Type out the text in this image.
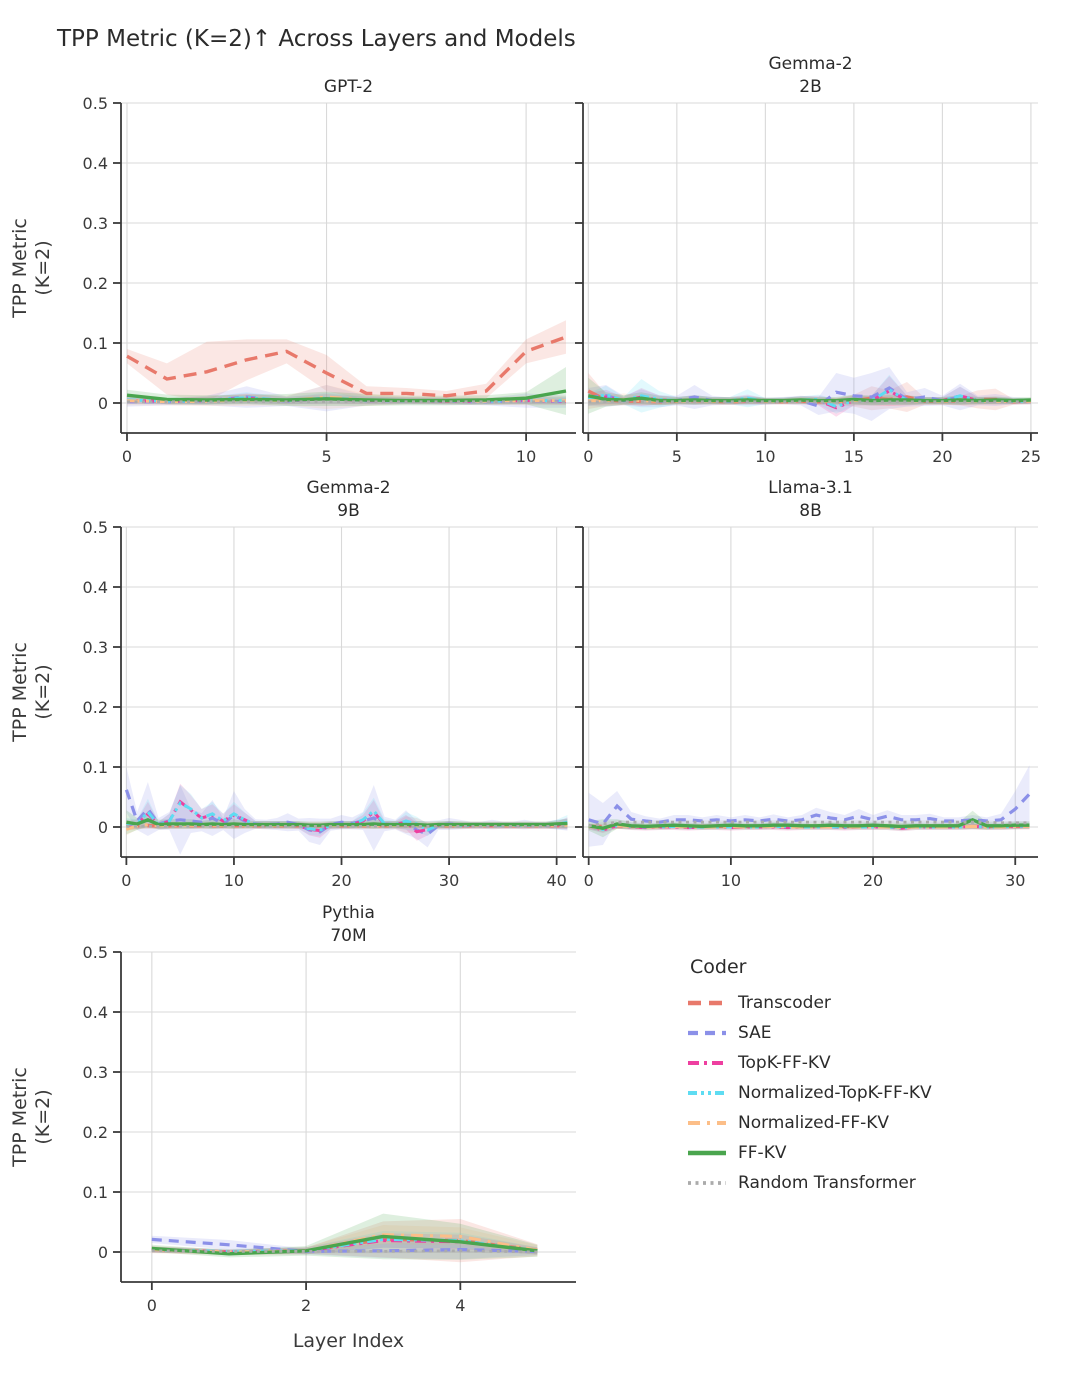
TPP Metric (K=2)↑ Across Layers and Models
TPP Metric
(K=2)
TPP Metric
(K=2)
TPP Metric
(K=2)
0
0.1
0.2
0.3
0.4
0.5
0	5	10
GPT-2
0	5	10	15	20	25
Gemma-2
2B
0
0.1
0.2
0.3
0.4
0.5
0	10	20	30	40
Gemma-2
9B
0	10	20	30
Llama-3.1
8B
0
0.1
0.2
0.3
0.4
0.5
0	2	4
Pythia
70M
Layer Index
Coder
Transcoder
SAE
TopK-FF-KV
Normalized-TopK-FF-KV
Normalized-FF-KV
FF-KV
Random Transformer
